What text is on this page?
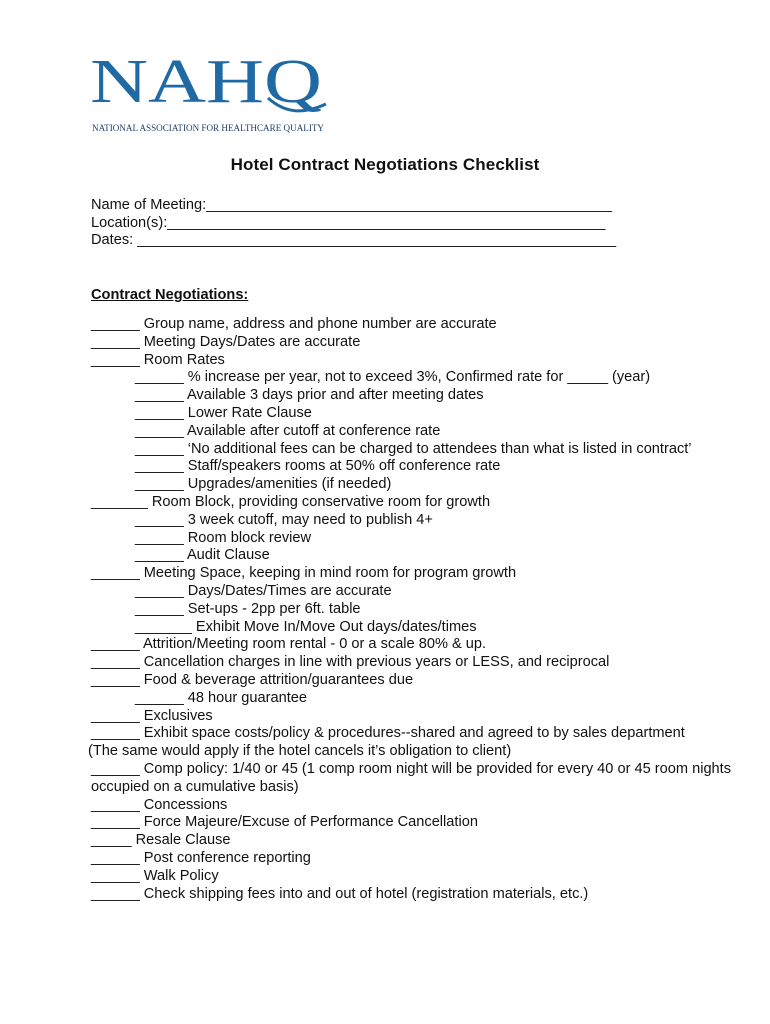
NAHQ
NATIONAL ASSOCIATION FOR HEALTHCARE QUALITY
Hotel Contract Negotiations Checklist
Name of Meeting:__________________________________________________
Location(s):______________________________________________________
Dates: ___________________________________________________________
Contract Negotiations:
______ Group name, address and phone number are accurate
______ Meeting Days/Dates are accurate
______ Room Rates
______ % increase per year, not to exceed 3%, Confirmed rate for _____ (year)
______ Available 3 days prior and after meeting dates
______ Lower Rate Clause
______ Available after cutoff at conference rate
______ ‘No additional fees can be charged to attendees than what is listed in contract’
______ Staff/speakers rooms at 50% off conference rate
______ Upgrades/amenities (if needed)
_______ Room Block, providing conservative room for growth
______ 3 week cutoff, may need to publish 4+
______ Room block review
______ Audit Clause
______ Meeting Space, keeping in mind room for program growth
______ Days/Dates/Times are accurate
______ Set-ups - 2pp per 6ft. table
_______ Exhibit Move In/Move Out days/dates/times
______ Attrition/Meeting room rental - 0 or a scale 80% & up.
______ Cancellation charges in line with previous years or LESS, and reciprocal
______ Food & beverage attrition/guarantees due
______ 48 hour guarantee
______ Exclusives
______ Exhibit space costs/policy & procedures--shared and agreed to by sales department
(The same would apply if the hotel cancels it’s obligation to client)
______ Comp policy: 1/40 or 45 (1 comp room night will be provided for every 40 or 45 room nights occupied on a cumulative basis)
______ Concessions
______ Force Majeure/Excuse of Performance Cancellation
_____ Resale Clause
______ Post conference reporting
______ Walk Policy
______ Check shipping fees into and out of hotel (registration materials, etc.)
